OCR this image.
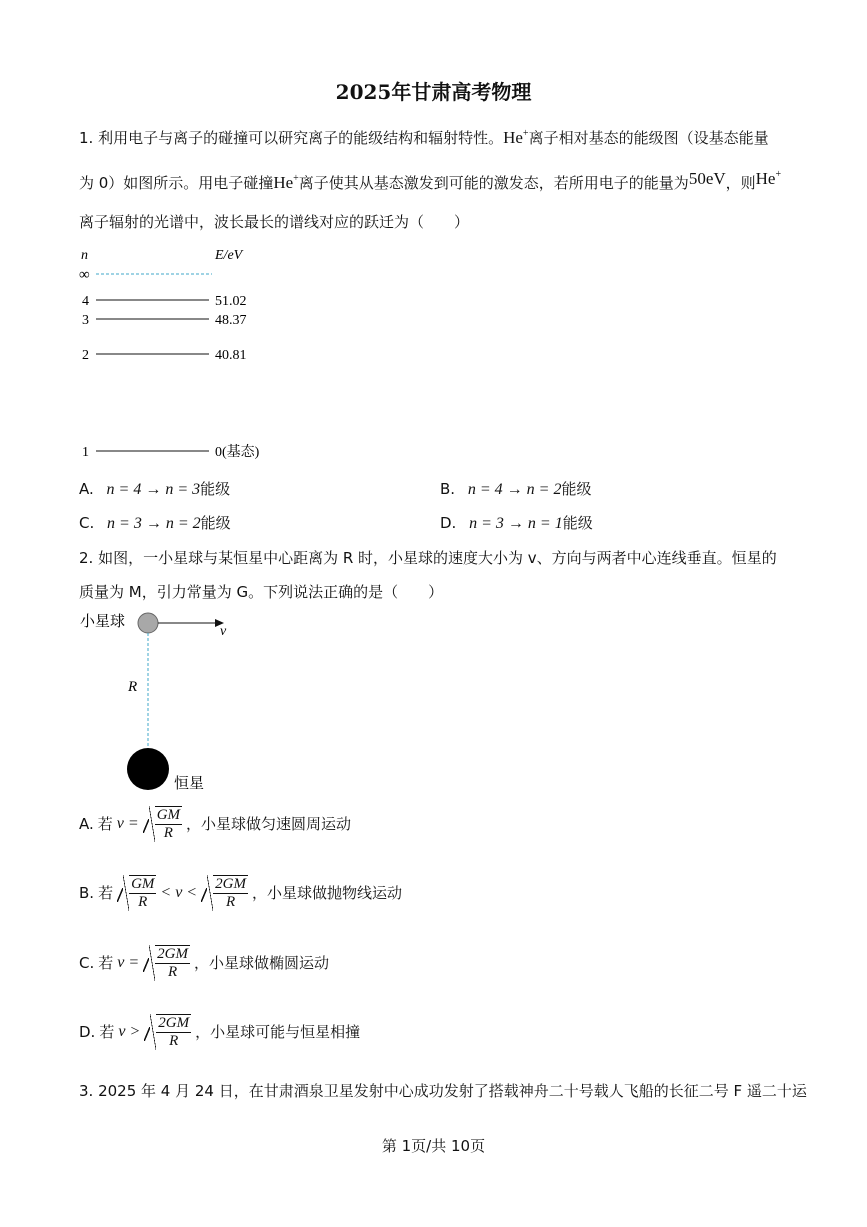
2025年甘肃高考物理
1. 利用电子与离子的碰撞可以研究离子的能级结构和辐射特性。He+离子相对基态的能级图（设基态能量
为 0）如图所示。用电子碰撞He+离子使其从基态激发到可能的激发态，若所用电子的能量为50eV，则He+
离子辐射的光谱中，波长最长的谱线对应的跃迁为（　　）
n	E/eV
∞
4	51.02
3	48.37
2	40.81
1	0(基态)
A. n = 4 → n = 3能级	B. n = 4 → n = 2能级
C. n = 3 → n = 2能级	D. n = 3 → n = 1能级
2. 如图，一小星球与某恒星中心距离为 R 时，小星球的速度大小为 v、方向与两者中心连线垂直。恒星的
质量为 M，引力常量为 G。下列说法正确的是（　　）
小星球
v
R
恒星
A. 若 $v = \frac{GM}{R}$ ，小星球做匀速圆周运动
B. 若 $\frac{GM}{R} < v < \frac{2GM}{R}$ ，小星球做抛物线运动
C. 若 $v = \frac{2GM}{R}$ ，小星球做椭圆运动
D. 若 $v > \frac{2GM}{R}$ ，小星球可能与恒星相撞
3. 2025 年 4 月 24 日，在甘肃酒泉卫星发射中心成功发射了搭载神舟二十号载人飞船的长征二号 F 遥二十运
第 1页/共 10页
